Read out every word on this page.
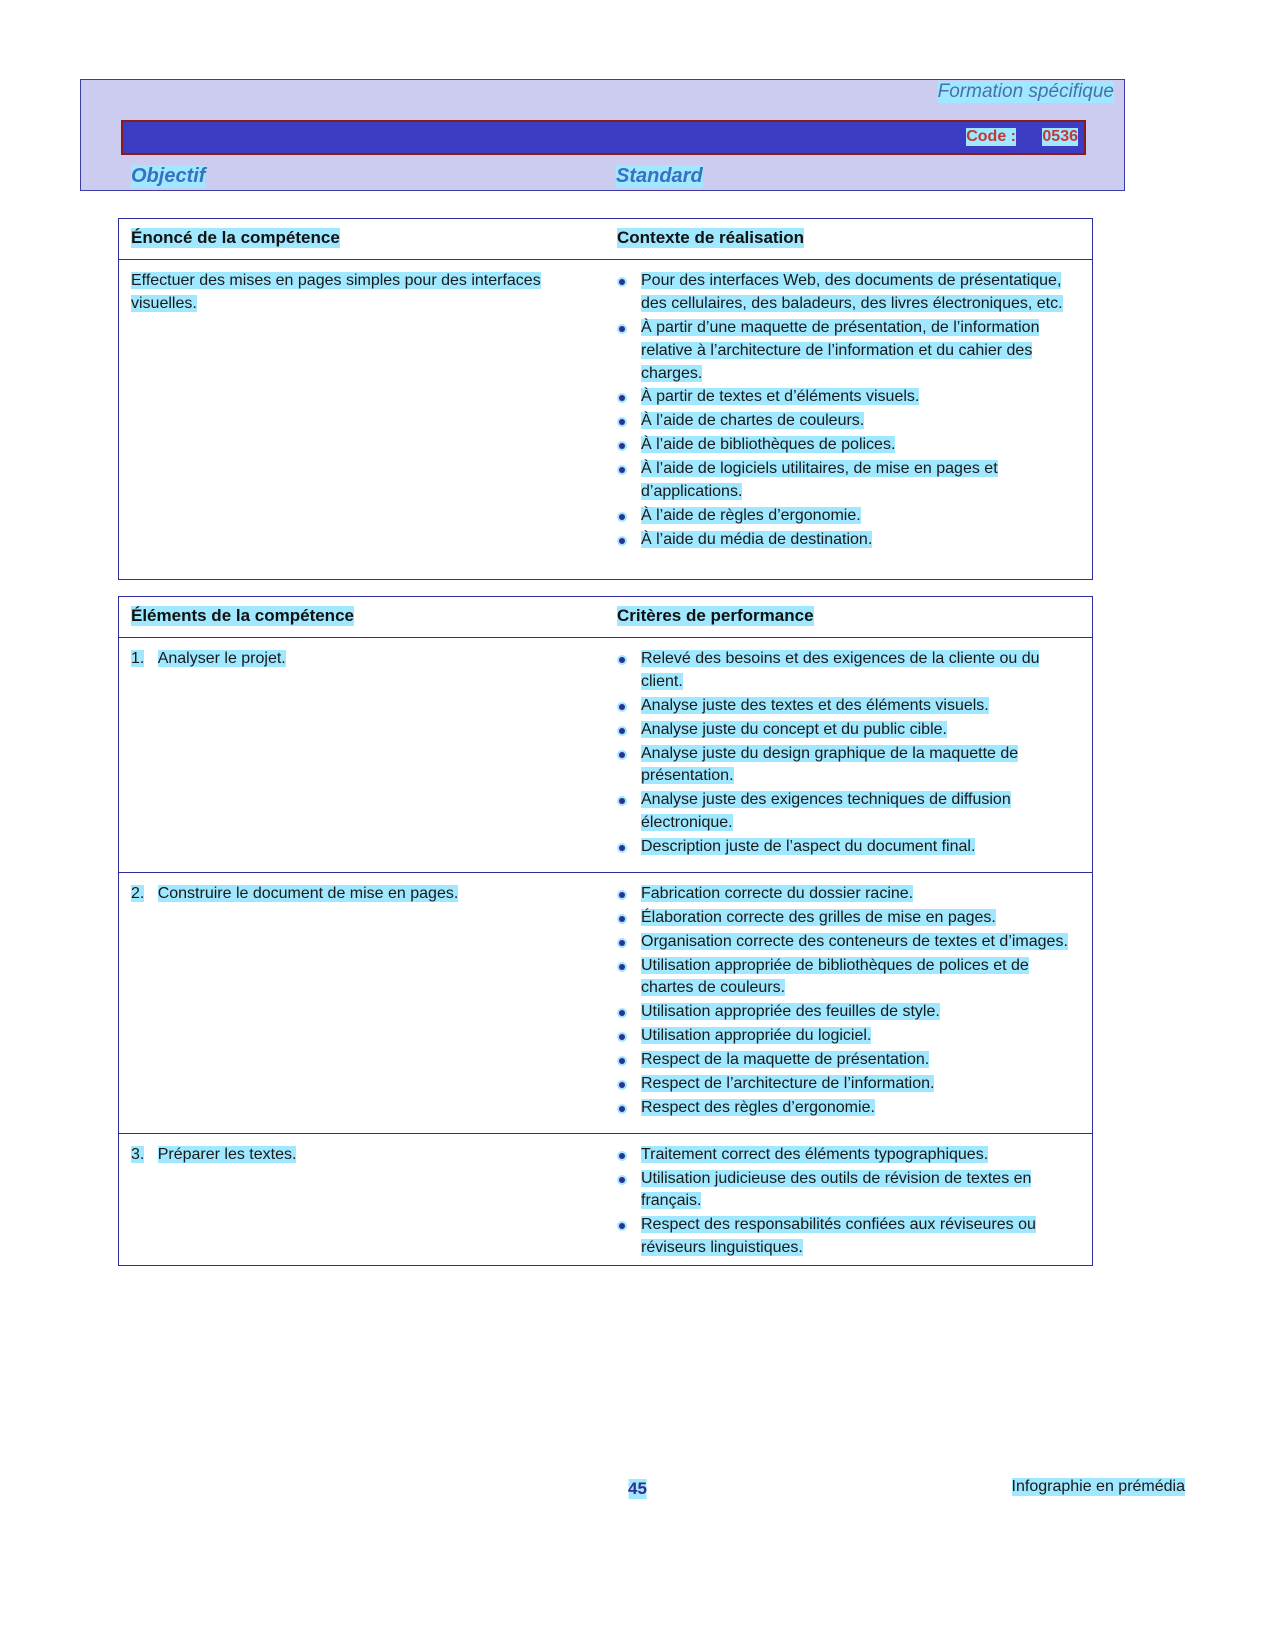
Formation spécifique
Code : 0536
Objectif	Standard
Énoncé de la compétence	Contexte de réalisation
Effectuer des mises en pages simples pour des interfaces visuelles.
Pour des interfaces Web, des documents de présentatique, des cellulaires, des baladeurs, des livres électroniques, etc.
À partir d’une maquette de présentation, de l’information relative à l’architecture de l’information et du cahier des charges.
À partir de textes et d’éléments visuels.
À l’aide de chartes de couleurs.
À l’aide de bibliothèques de polices.
À l’aide de logiciels utilitaires, de mise en pages et d’applications.
À l’aide de règles d’ergonomie.
À l’aide du média de destination.
Éléments de la compétence	Critères de performance
1. Analyser le projet.	Relevé des besoins et des exigences de la cliente ou du client.
Analyse juste des textes et des éléments visuels.
Analyse juste du concept et du public cible.
Analyse juste du design graphique de la maquette de présentation.
Analyse juste des exigences techniques de diffusion électronique.
Description juste de l’aspect du document final.
2. Construire le document de mise en pages.	Fabrication correcte du dossier racine.
Élaboration correcte des grilles de mise en pages.
Organisation correcte des conteneurs de textes et d’images.
Utilisation appropriée de bibliothèques de polices et de chartes de couleurs.
Utilisation appropriée des feuilles de style.
Utilisation appropriée du logiciel.
Respect de la maquette de présentation.
Respect de l’architecture de l’information.
Respect des règles d’ergonomie.
3. Préparer les textes.	Traitement correct des éléments typographiques.
Utilisation judicieuse des outils de révision de textes en français.
Respect des responsabilités confiées aux réviseures ou réviseurs linguistiques.
Infographie en prémédia
45
